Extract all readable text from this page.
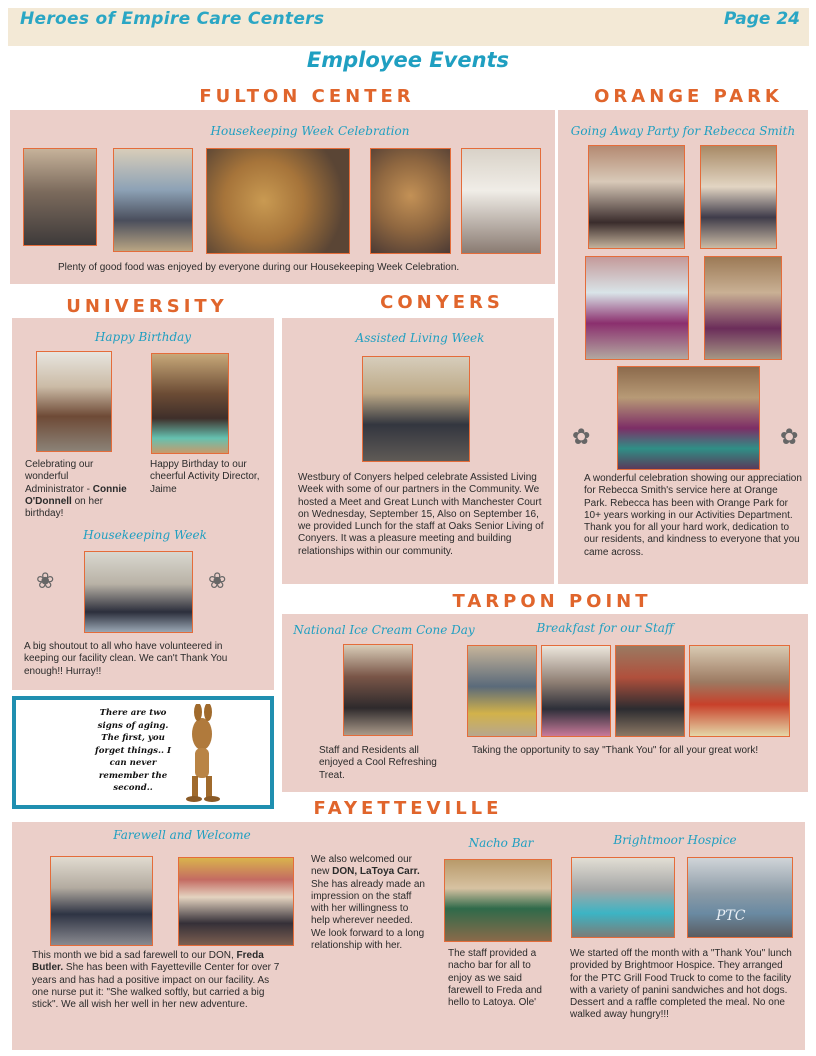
Heroes of Empire Care Centers	Page 24
Employee Events
FULTON CENTER
Housekeeping Week Celebration
Plenty of good food was enjoyed by everyone during our Housekeeping Week Celebration.
ORANGE PARK
Going Away Party for Rebecca Smith
✿	✿
A wonderful celebration showing our appreciation for Rebecca Smith's service here at Orange Park. Rebecca has been with Orange Park for 10+ years working in our Activities Department. Thank you for all your hard work, dedication to our residents, and kindness to everyone that you came across.
UNIVERSITY
Happy Birthday
Celebrating our wonderful Administrator - Connie O'Donnell on her birthday!
Happy Birthday to our cheerful Activity Director, Jaime
Housekeeping Week
❀	❀
A big shoutout to all who have volunteered in keeping our facility clean. We can't Thank You enough!! Hurray!!
CONYERS
Assisted Living Week
Westbury of Conyers helped celebrate Assisted Living Week with some of our partners in the Community. We hosted a Meet and Great Lunch with Manchester Court on Wednesday, September 15, Also on September 16, we provided Lunch for the staff at Oaks Senior Living of Conyers. It was a pleasure meeting and building relationships within our community.
There are two signs of aging. The first, you forget things.. I can never remember the second..
TARPON POINT
National Ice Cream Cone Day	Breakfast for our Staff
Staff and Residents all enjoyed a Cool Refreshing Treat.
Taking the opportunity to say "Thank You" for all your great work!
FAYETTEVILLE
Farewell and Welcome
This month we bid a sad farewell to our DON, Freda Butler. She has been with Fayetteville Center for over 7 years and has had a positive impact on our facility. As one nurse put it: "She walked softly, but carried a big stick". We all wish her well in her new adventure.
We also welcomed our new DON, LaToya Carr. She has already made an impression on the staff with her willingness to help wherever needed. We look forward to a long relationship with her.
Nacho Bar
The staff provided a nacho bar for all to enjoy as we said farewell to Freda and hello to Latoya. Ole'
Brightmoor Hospice
PTC
We started off the month with a "Thank You" lunch provided by Brightmoor Hospice. They arranged for the PTC Grill Food Truck to come to the facility with a variety of panini sandwiches and hot dogs. Dessert and a raffle completed the meal. No one walked away hungry!!!
